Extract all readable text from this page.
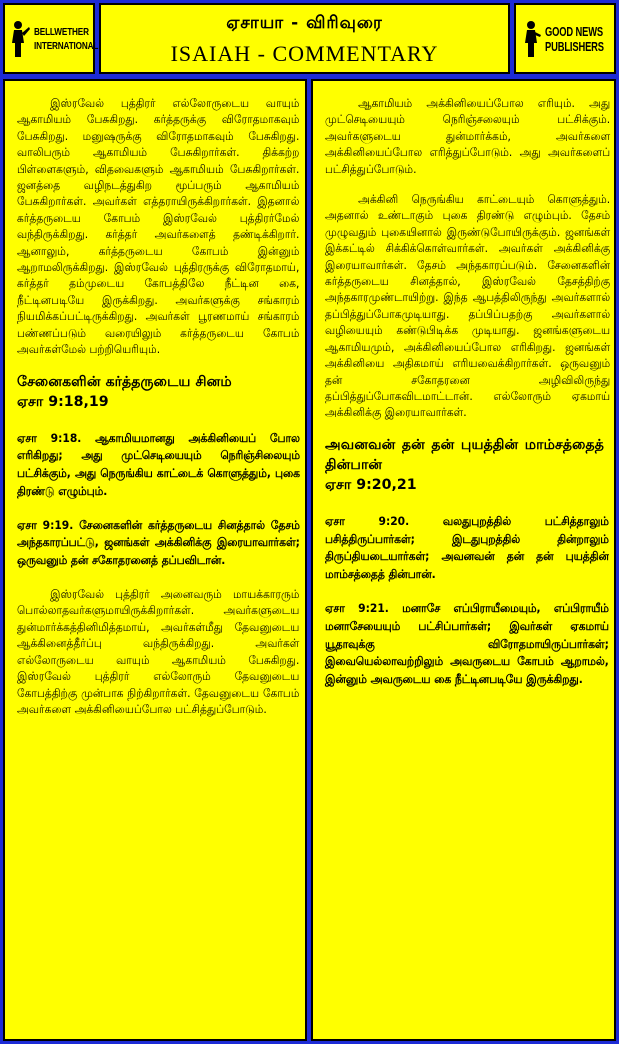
BELLWETHER
INTERNATIONAL
ஏசாயா - விரிவுரை
ISAIAH - COMMENTARY
GOOD NEWS
PUBLISHERS

இஸ்ரவேல் புத்திரர் எல்லோருடைய வாயும் ஆகாமியம் பேசுகிறது. கர்த்தருக்கு விரோதமாகவும் பேசுகிறது. மனுஷருக்கு விரோதமாகவும் பேசுகிறது. வாலிபரும் ஆகாமியம் பேசுகிறார்கள். திக்கற்ற பிள்ளைகளும், விதவைகளும் ஆகாமியம் பேசுகிறார்கள். ஜனத்தை வழிநடத்துகிற மூப்பரும் ஆகாமியம் பேசுகிறார்கள். அவர்கள் எத்தராயிருக்கிறார்கள். இதனால் கர்த்தருடைய கோபம் இஸ்ரவேல் புத்திரர்மேல் வந்திருக்கிறது. கர்த்தர் அவர்களைத் தண்டிக்கிறார். ஆனாலும், கர்த்தருடைய கோபம் இன்னும் ஆறாமலிருக்கிறது. இஸ்ரவேல் புத்திரருக்கு விரோதமாய், கர்த்தர் தம்முடைய கோபத்திலே நீட்டின கை, நீட்டினபடியே இருக்கிறது. அவர்களுக்கு சங்காரம் நியமிக்கப்பட்டிருக்கிறது. அவர்கள் பூரணமாய் சங்காரம் பண்ணப்படும் வரையிலும் கர்த்தருடைய கோபம் அவர்கள்மேல் பற்றியெரியும்.

சேனைகளின் கர்த்தருடைய சினம்
ஏசா 9:18,19

ஏசா 9:18. ஆகாமியமானது அக்கினியைப் போல எரிகிறது; அது முட்செடியையும் நெரிஞ்சிலையும் பட்சிக்கும், அது நெருங்கிய காட்டைக் கொளுத்தும், புகை திரண்டு எழும்பும்.

ஏசா 9:19. சேனைகளின் கர்த்தருடைய சினத்தால் தேசம் அந்தகாரப்பட்டு, ஜனங்கள் அக்கினிக்கு இரையாவார்கள்; ஒருவனும் தன் சகோதரனைத் தப்பவிடான்.

இஸ்ரவேல் புத்திரர் அனைவரும் மாயக்காரரும் பொல்லாதவர்களுமாயிருக்கிறார்கள். அவர்களுடைய துன்மார்க்கத்தினிமித்தமாய், அவர்கள்மீது தேவனுடைய ஆக்கினைத்தீர்ப்பு வந்திருக்கிறது. அவர்கள் எல்லோருடைய வாயும் ஆகாமியம் பேசுகிறது. இஸ்ரவேல் புத்திரர் எல்லோரும் தேவனுடைய கோபத்திற்கு முன்பாக நிற்கிறார்கள். தேவனுடைய கோபம் அவர்களை அக்கினியைப்போல பட்சித்துப்போடும்.

ஆகாமியம் அக்கினியைப்போல எரியும். அது முட்செடியையும் நெரிஞ்சலையும் பட்சிக்கும். அவர்களுடைய துன்மார்க்கம், அவர்களை அக்கினியைப்போல எரித்துப்போடும். அது அவர்களைப் பட்சித்துப்போடும்.

அக்கினி நெருங்கிய காட்டையும் கொளுத்தும். அதனால் உண்டாகும் புகை திரண்டு எழும்பும். தேசம் முழுவதும் புகையினால் இருண்டுபோயிருக்கும். ஜனங்கள் இக்கட்டில் சிக்கிக்கொள்வார்கள். அவர்கள் அக்கினிக்கு இரையாவார்கள். தேசம் அந்தகாரப்படும். சேனைகளின் கர்த்தருடைய சினத்தால், இஸ்ரவேல் தேசத்திற்கு அந்தகாரமுண்டாயிற்று. இந்த ஆபத்திலிருந்து அவர்களால் தப்பித்துப்போகமுடியாது. தப்பிப்பதற்கு அவர்களால் வழியையும் கண்டுபிடிக்க முடியாது. ஜனங்களுடைய ஆகாமியமும், அக்கினியைப்போல எரிகிறது. ஜனங்கள் அக்கினியை அதிகமாய் எரியவைக்கிறார்கள். ஒருவனும் தன் சகோதரனை அழிவிலிருந்து தப்பித்துப்போகவிடமாட்டான். எல்லோரும் ஏகமாய் அக்கினிக்கு இரையாவார்கள்.

அவனவன் தன் தன் புயத்தின் மாம்சத்தைத் தின்பான்
ஏசா 9:20,21

ஏசா 9:20. வலதுபுறத்தில் பட்சித்தாலும் பசித்திருப்பார்கள்; இடதுபுறத்தில் தின்றாலும் திருப்தியடையார்கள்; அவனவன் தன் தன் புயத்தின் மாம்சத்தைத் தின்பான்.

ஏசா 9:21. மனாசே எப்பிராயீமையும், எப்பிராயீம் மனாசேயையும் பட்சிப்பார்கள்; இவர்கள் ஏகமாய் யூதாவுக்கு விரோதமாயிருப்பார்கள்; இவையெல்லாவற்றிலும் அவருடைய கோபம் ஆறாமல், இன்னும் அவருடைய கை நீட்டினபடியே இருக்கிறது.
